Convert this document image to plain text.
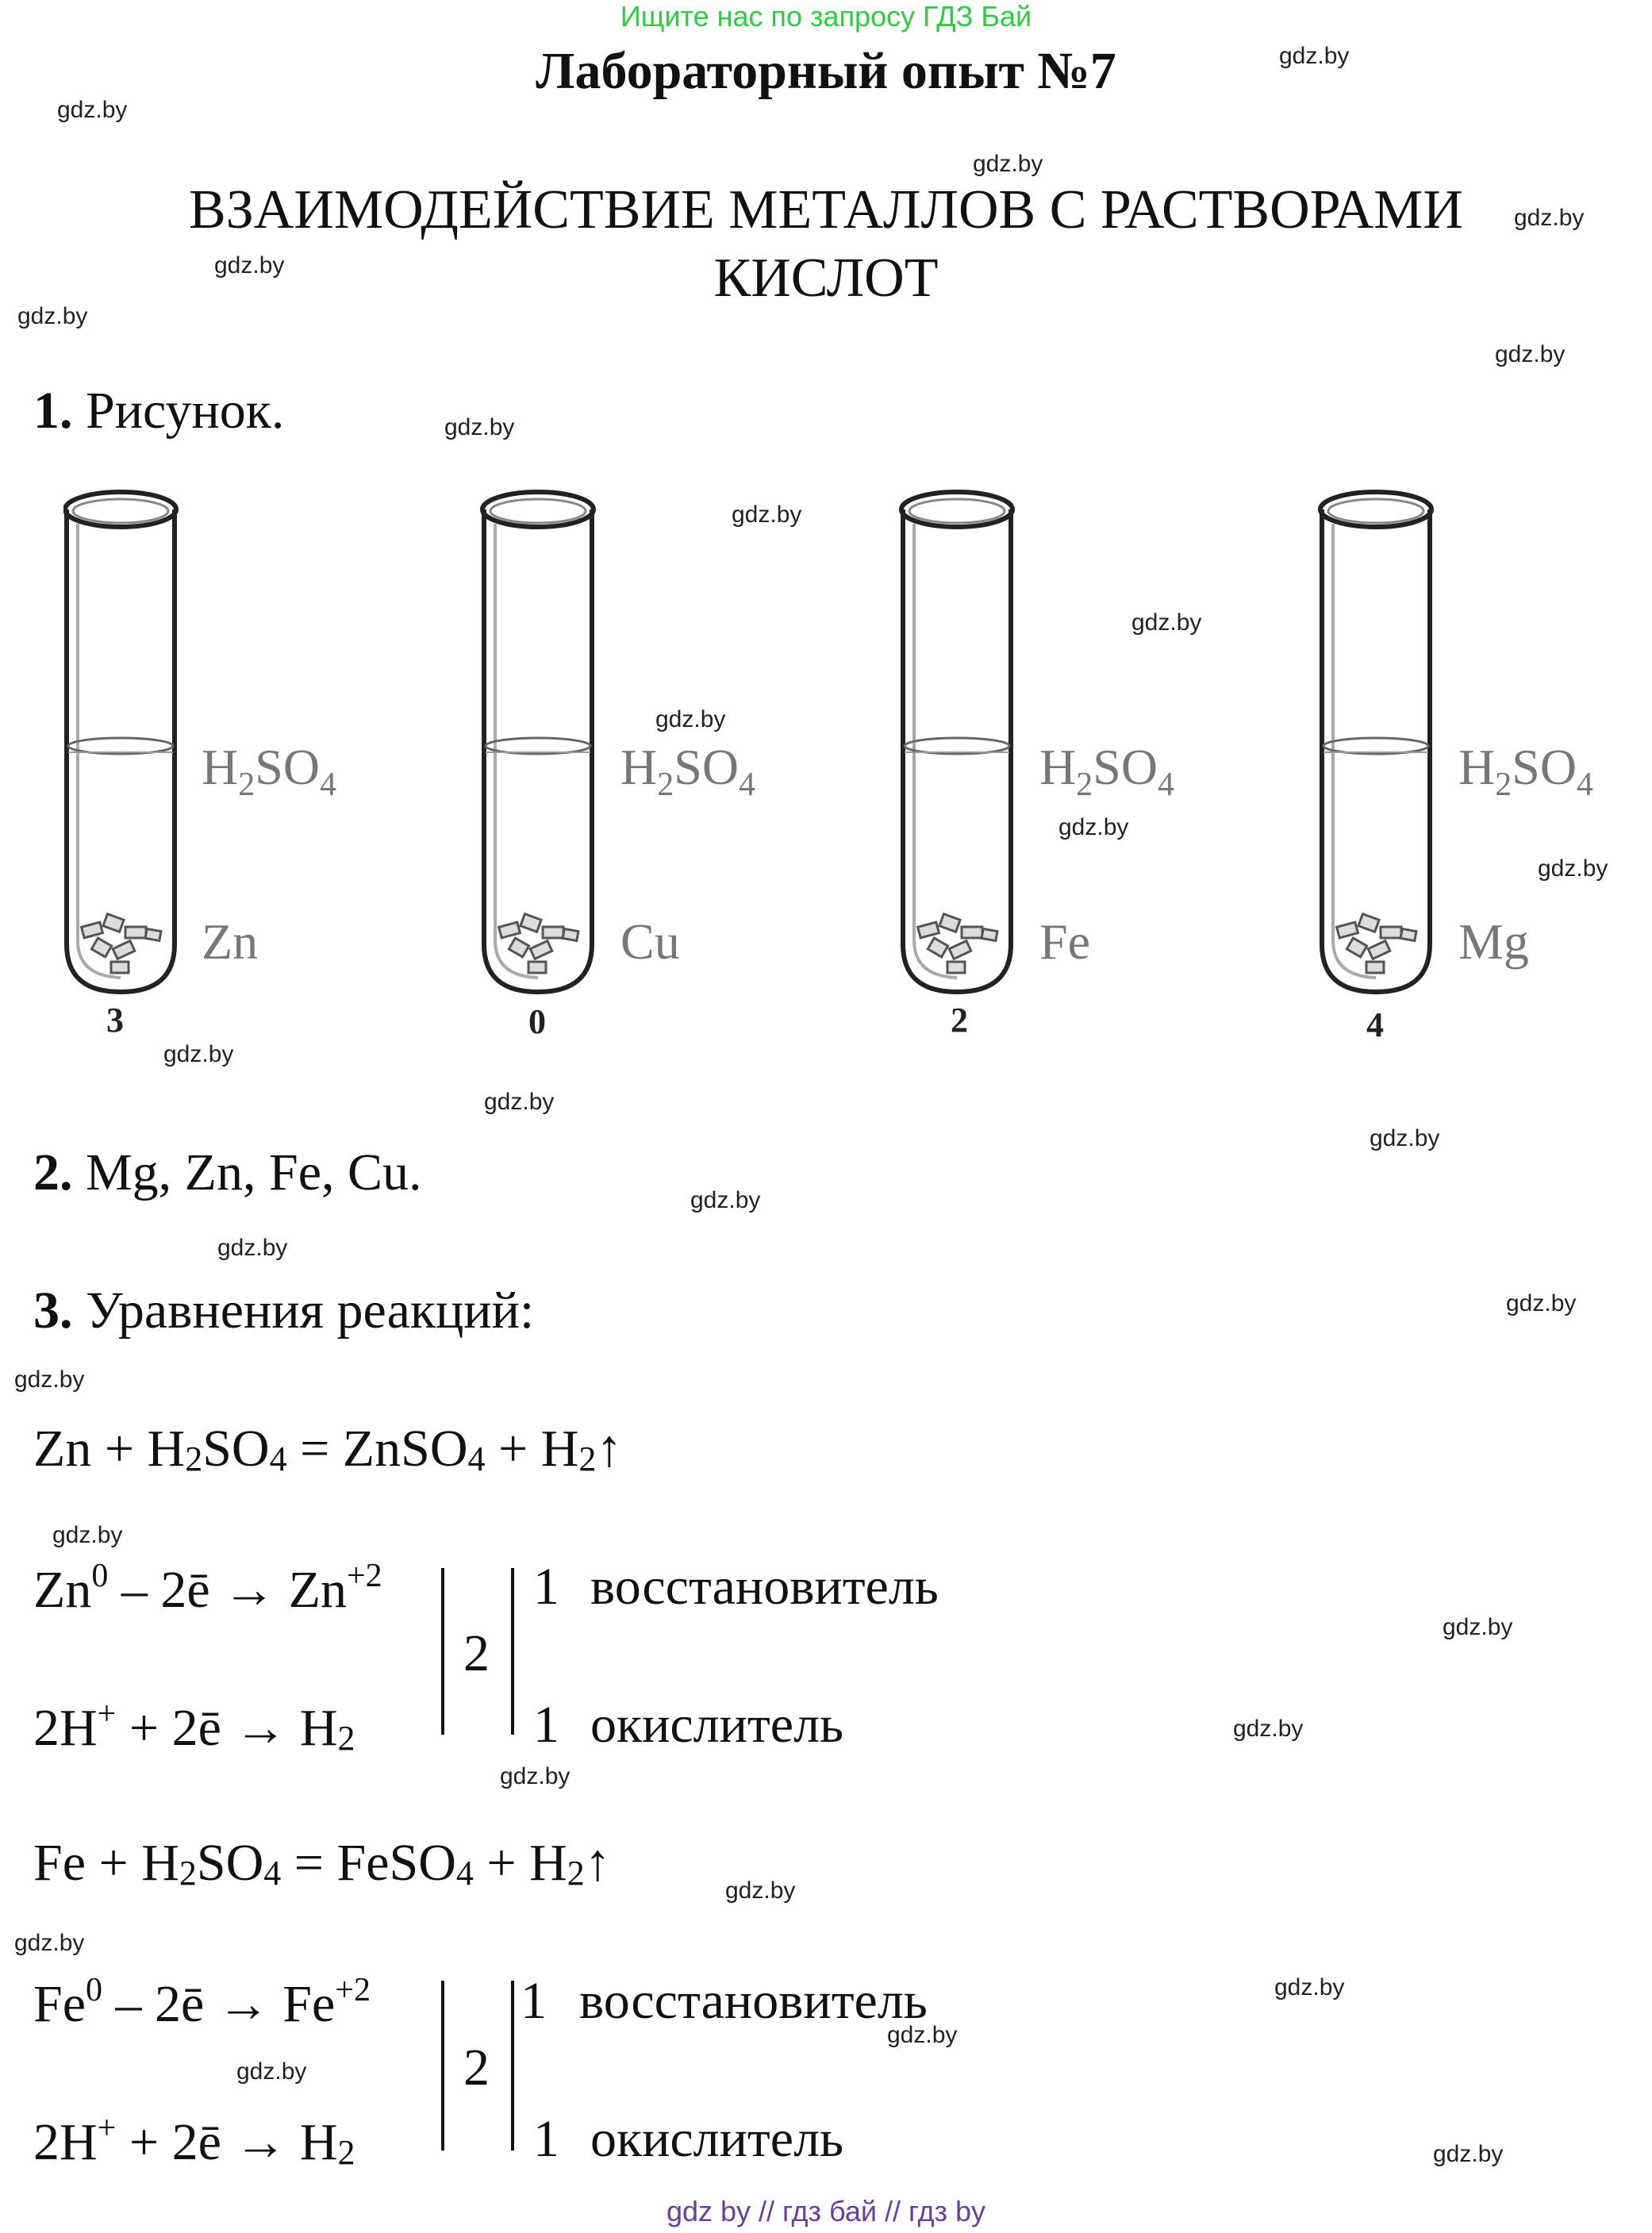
Ищите нас по запросу ГДЗ Бай
Лабораторный опыт №7
ВЗАИМОДЕЙСТВИЕ МЕТАЛЛОВ С РАСТВОРАМИ
КИСЛОТ
1. Рисунок.
$H_2SO_4$
Zn
3
$H_2SO_4$
Cu
0
$H_2SO_4$
Fe
2
$H_2SO_4$
Mg
4
2. Mg, Zn, Fe, Cu.
3. Уравнения реакций:
$Zn + H_2SO_4$ = ZnSO$_4$ + $H_2↑$
Zn$^0$ – 2ē → $Zn^{+2}$
2H+ + 2ē → $H_2$
2
1 восстановитель
1 окислитель
$Fe + H_2SO_4$ = FeSO$_4$ + $H_2↑$
Fe$^0$ – 2ē → $Fe^{+2}$
2H+ + 2ē → $H_2$
2
1 восстановитель
1 окислитель
gdz.by
gdz.by
gdz.by
gdz.by
gdz.by
gdz.by
gdz.by
gdz.by
gdz.by
gdz.by
gdz.by
gdz.by
gdz.by
gdz.by
gdz.by
gdz.by
gdz.by
gdz.by
gdz.by
gdz.by
gdz.by
gdz.by
gdz.by
gdz.by
gdz.by
gdz.by
gdz.by
gdz.by
gdz.by
gdz.by
gdz by // гдз бай // гдз by
